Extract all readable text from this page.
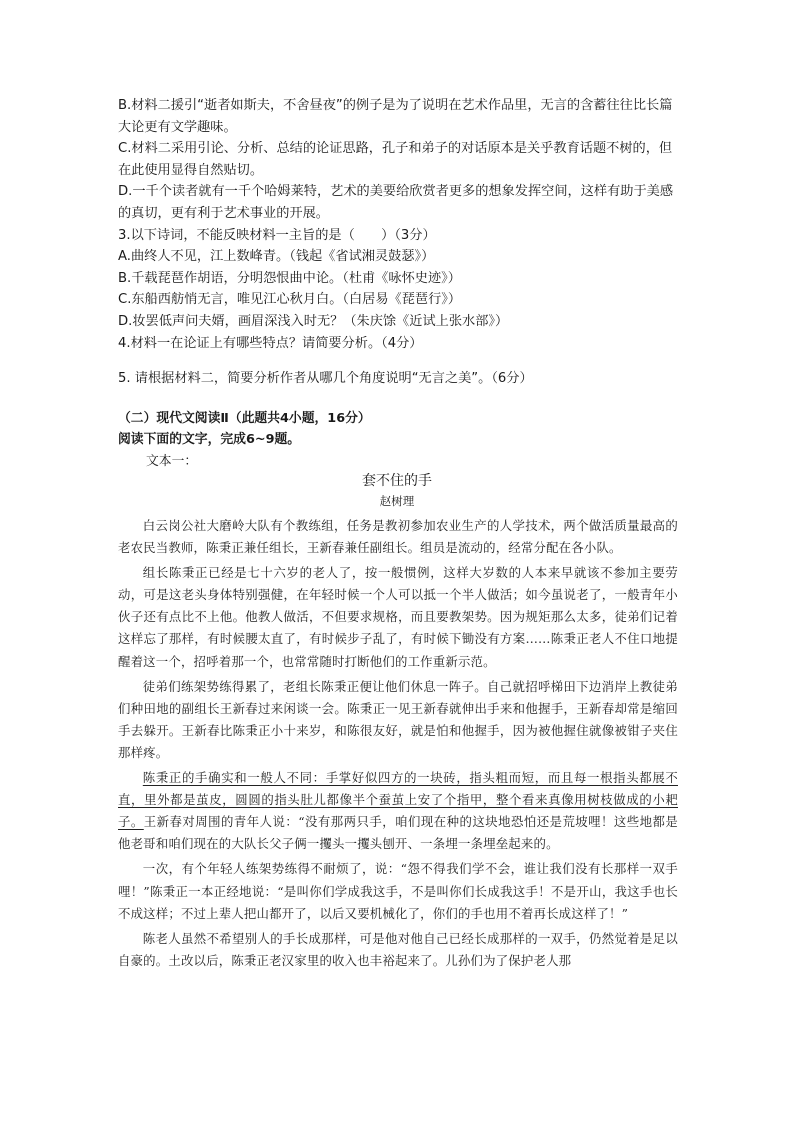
B.材料二援引“逝者如斯夫，不舍昼夜”的例子是为了说明在艺术作品里，无言的含蓄往往比长篇大论更有文学趣味。

C.材料二采用引论、分析、总结的论证思路，孔子和弟子的对话原本是关乎教育话题不树的，但在此使用显得自然贴切。

D.一千个读者就有一千个哈姆莱特，艺术的美要给欣赏者更多的想象发挥空间，这样有助于美感的真切，更有利于艺术事业的开展。

3.以下诗词，不能反映材料一主旨的是（　　）（3分）

A.曲终人不见，江上数峰青。（钱起《省试湘灵鼓瑟》）

B.千载琵琶作胡语，分明怨恨曲中论。（杜甫《咏怀史迹》）

C.东船西舫悄无言，唯见江心秋月白。（白居易《琵琶行》）

D.妆罢低声问夫婿，画眉深浅入时无？（朱庆馀《近试上张水部》）

4.材料一在论证上有哪些特点？请简要分析。（4分）

5. 请根据材料二，简要分析作者从哪几个角度说明“无言之美”。（6分）

（二）现代文阅读Ⅱ（此题共4小题，16分）

阅读下面的文字，完成6~9题。

文本一：

套不住的手

赵树理

白云岗公社大磨岭大队有个教练组，任务是教初参加农业生产的人学技术，两个做活质量最高的老农民当教师，陈秉正兼任组长，王新春兼任副组长。组员是流动的，经常分配在各小队。

组长陈秉正已经是七十六岁的老人了，按一般惯例，这样大岁数的人本来早就该不参加主要劳动，可是这老头身体特别强健，在年轻时候一个人可以抵一个半人做活；如今虽说老了，一般青年小伙子还有点比不上他。他教人做活，不但要求规格，而且要教架势。因为规矩那么太多，徒弟们记着这样忘了那样，有时候腰太直了，有时候步子乱了，有时候下锄没有方案……陈秉正老人不住口地提醒着这一个，招呼着那一个，也常常随时打断他们的工作重新示范。

徒弟们练架势练得累了，老组长陈秉正便让他们休息一阵子。自己就招呼梯田下边消岸上教徒弟们种田地的副组长王新春过来闲谈一会。陈秉正一见王新春就伸出手来和他握手，王新春却常是缩回手去躲开。王新春比陈秉正小十来岁，和陈很友好，就是怕和他握手，因为被他握住就像被钳子夹住那样疼。

陈秉正的手确实和一般人不同：手掌好似四方的一块砖，指头粗而短，而且每一根指头都展不直，里外都是茧皮，圆圆的指头肚儿都像半个蚕茧上安了个指甲，整个看来真像用树枝做成的小耙子。王新春对周围的青年人说：“没有那两只手，咱们现在种的这块地恐怕还是荒坡哩！这些地都是他老哥和咱们现在的大队长父子俩一攫头一攫头刨开、一条埋一条埋垒起来的。

一次，有个年轻人练架势练得不耐烦了，说：“怨不得我们学不会，谁让我们没有长那样一双手哩！”陈秉正一本正经地说：“是叫你们学成我这手，不是叫你们长成我这手！不是开山，我这手也长不成这样；不过上辈人把山都开了，以后又要机械化了，你们的手也用不着再长成这样了！”

陈老人虽然不希望别人的手长成那样，可是他对他自己已经长成那样的一双手，仍然觉着是足以自豪的。土改以后，陈秉正老汉家里的收入也丰裕起来了。儿孙们为了保护老人那
